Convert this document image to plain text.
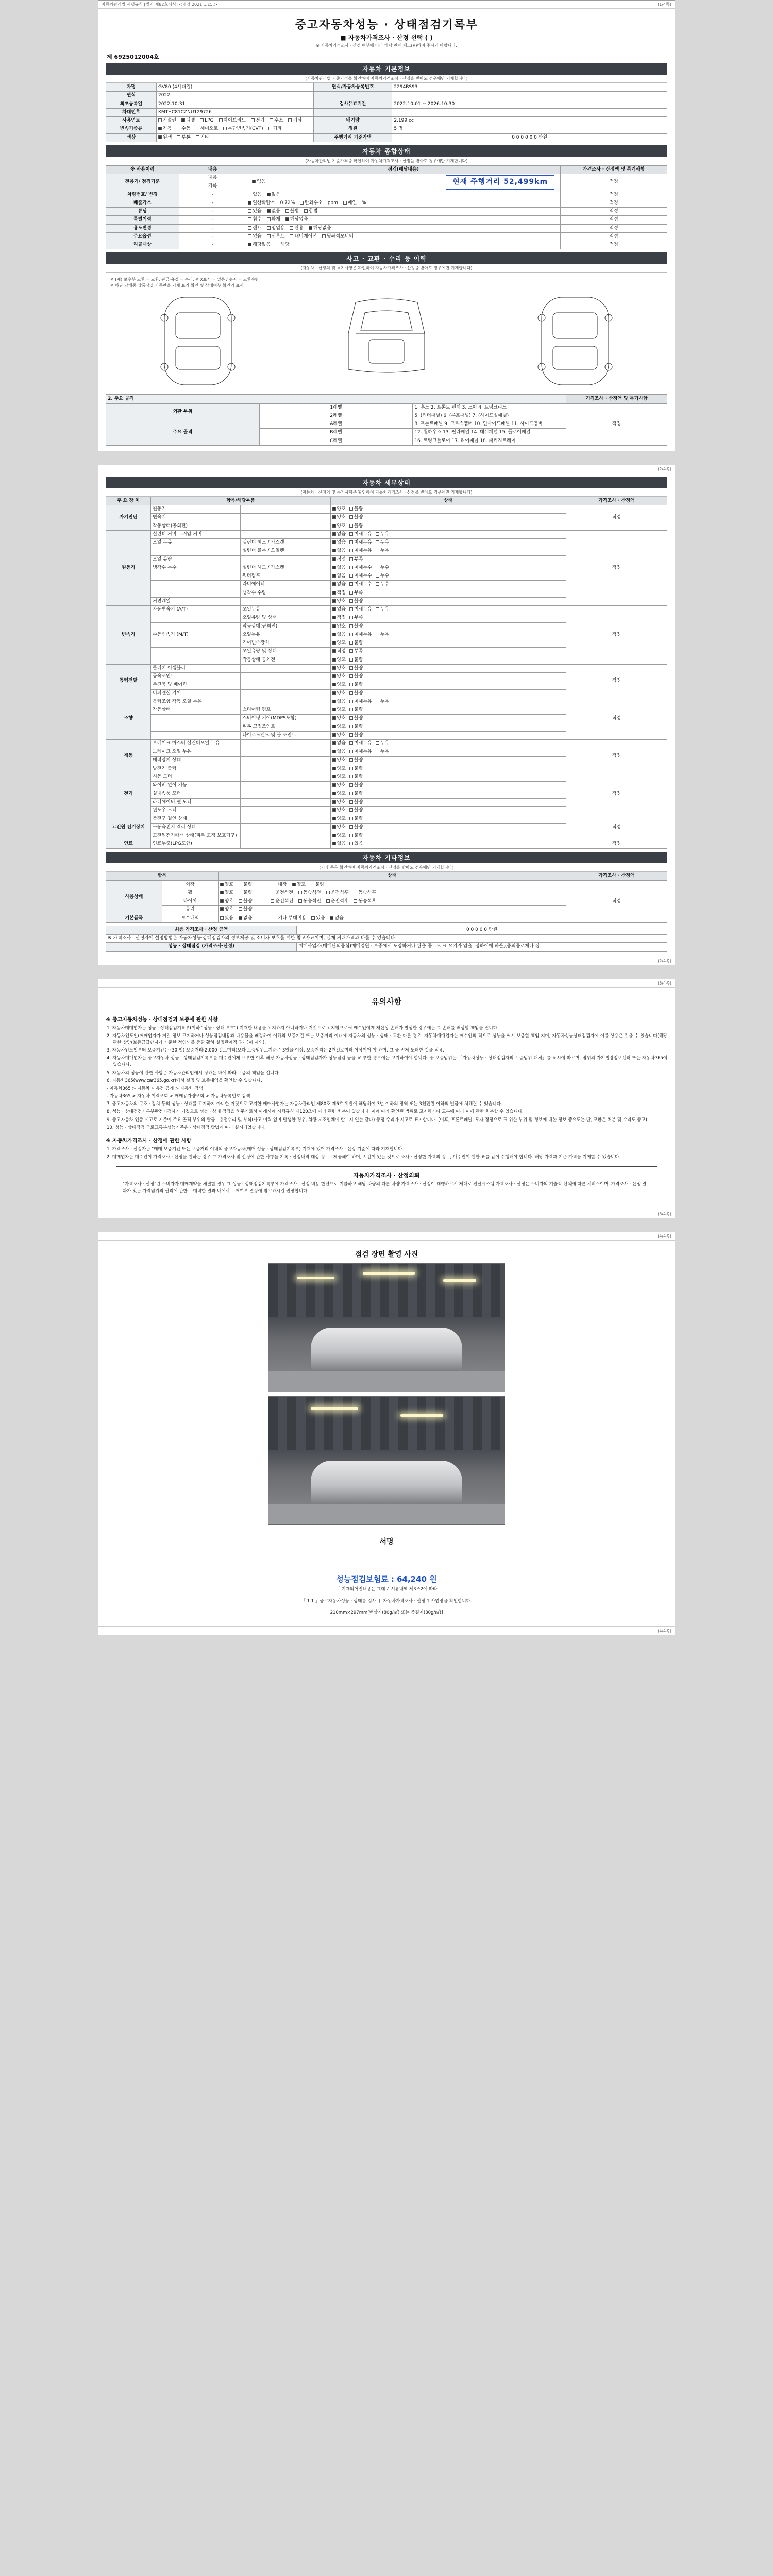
자동차관리법 시행규칙 [별지 제82호서식] <개정 2021.1.15.>	(1/4쪽)
중고자동차성능 · 상태점검기록부
■ 자동차가격조사 · 산정 선택 ( )
※ 자동차가격조사 · 산정 여부에 따라 해당 란에 체크(∨)하여 주시기 바랍니다.
제 6925012004호
자동차 기본정보
(자동차관리법 기준가격을 확인하여 자동차가격조사 · 산정을 받아도 경우에만 기재합니다)
차명	GV80 (4세대일)	연식/자동차등록번호	2294BS93
연식	2022		
최초등록일	2022-10-31	검사유효기간	2022-10-01 ~ 2026-10-30
차대번호	KMTHC81CZNU129726		
사용연료	가솔린 디젤 LPG 하이브리드 전기 수소 기타	배기량	2,199 cc
변속기종류	자동 수동 세미오토 무단변속기(CVT) 기타	정원	5 명
색상	원색 투톤 기타	주행거리 기준가액	0 0 0 0 0 0 만원
자동차 종합상태
(자동차관리법 기준가격을 확인하여 자동차가격조사 · 산정을 받아도 경우에만 기재합니다)
※ 사용이력	내용	점검(해당내용)	가격조사 · 산정액 및 특기사항
전용기/ 점검기준	내용	없음 현재 주행거리 52,499km	적정
	기록		
차량번호/ 변경	-	있음 없음	적정
배출가스	-	일산화탄소 0.72% 탄화수소 ppm 매연 %	적정
튜닝	-	있음 없음 불법 합법	적정
특별이력	-	침수 화재 해당없음	적정
용도변경	-	렌트 영업용 관용 해당없음	적정
주요옵션	-	없음 선루프 내비게이션 뒷좌석모니터	적정
리콜대상	-	해당없음 해당	적정
사고 · 교환 · 수리 등 이력
(자동차 · 산정의 및 특기사항은 확인하여 자동차가격조사 · 산정을 받아도 경우에만 기재합니다)
※ (예) 보수부 교환 = 교환, 판금·용접 = 수리, ※ X표시 = 없음 / 숫자 = 교환수량
※ 하단 당해중 상품작업 기준란을 기재 표기 확인 및 상태여부 확인의 표시
2. 주요 골격			가격조사 · 산정액 및 특기사항
외판 부위	1레벨	1. 후드 2. 프론트 펜더 3. 도어 4. 트렁크리드	적정
	2레벨	5. (쿼터패널) 6. (루프패널) 7. (사이드실패널)	
주요 골격	A레벨	8. 프론트패널 9. 크로스멤버 10. 인사이드패널 11. 사이드멤버	
	B레벨	12. 휠하우스 13. 필라패널 14. 대쉬패널 15. 플로어패널	
	C레벨	16. 트렁크플로어 17. 리어패널 18. 패키지트레이	
(2/4쪽)
자동차 세부상태
(자동차 · 산정의 및 특기사항은 확인하여 자동차가격조사 · 산정을 받아도 경우에만 기재합니다)
주 요 장 치	항목/해당부품		상태	가격조사 · 산정액
자기진단	원동기		양호 불량	적정
	변속기		양호 불량	
	작동상태(공회전)		양호 불량	
원동기	실린더 커버 로커암 커버		없음 미세누유 누유	적정
	오일 누유	실린더 헤드 / 가스켓	없음 미세누유 누유	
		실린더 블록 / 오일팬	없음 미세누유 누유	
	오일 유량		적정 부족	
	냉각수 누수	실린더 헤드 / 가스켓	없음 미세누수 누수	
		워터펌프	없음 미세누수 누수	
		라디에이터	없음 미세누수 누수	
		냉각수 수량	적정 부족	
	커먼레일		양호 불량	
변속기	자동변속기 (A/T)	오일누유	없음 미세누유 누유	적정
		오일유량 및 상태	적정 부족	
		작동상태(공회전)	양호 불량	
	수동변속기 (M/T)	오일누유	없음 미세누유 누유	
		기어변속장치	양호 불량	
		오일유량 및 상태	적정 부족	
		작동상태 공회전	양호 불량	
동력전달	클러치 어셈블리		양호 불량	적정
	등속조인트		양호 불량	
	추진축 및 베어링		양호 불량	
	디퍼렌셜 기어		양호 불량	
조향	동력조향 작동 오일 누유		없음 미세누유 누유	적정
	작동상태	스티어링 펌프	양호 불량	
		스티어링 기어(MDPS포함)	양호 불량	
		피톤 고정조인트	양호 불량	
		타이로드엔드 및 볼 조인트	양호 불량	
제동	브레이크 마스터 실린더오일 누유		없음 미세누유 누유	적정
	브레이크 오일 누유		없음 미세누유 누유	
	배력장치 상태		양호 불량	
	발전기 출력		양호 불량	
전기	시동 모터		양호 불량	적정
	와이퍼 없이 기능		양호 불량	
	실내송풍 모터		양호 불량	
	라디에이터 팬 모터		양호 불량	
	윈도우 모터		양호 불량	
고전원 전기장치	충전구 절연 상태		양호 불량	적정
	구동축전지 격리 상태		양호 불량	
	고전원전기배선 상태(피복,고정 보호기구)		양호 불량	
연료	연료누출(LPG포함)		없음 있음	적정
자동차 기타정보
(기 항목은 확인하여 자동차가격조사 · 산정을 받아도 경우에만 기재합니다)
항목		상태	가격조사 · 산정액
사용상태	외장	양호 불량 내장 양호 불량	적정
	휠	양호 불량 운전석전 동승석전 운전석후 동승석후	
	타이어	양호 불량 운전석전 동승석전 운전석후 동승석후	
	유리	양호 불량	
기본품목	보수내역	있음 없음 기타 부대비용 있음 없음	
최종 가격조사 · 산정 금액	0 0 0 0 0 만원
※ 가격조사 · 산정자에 설명방법은 자동차성능·상태점검자의 정보제공 및 소비자 보호를 위한 참고자료이며, 실제 거래가격과 다를 수 있습니다.	
성능 · 상태점검 (가격조사·산정)	매매사업자(매매단의중심)매매업원 · 보증에서 도장하거나 판을 중로모 표 요기자 암울, 정하이에 파울,(중의중로제다 장
(2/4쪽)
(3/4쪽)
유의사항
※ 중고자동차성능 · 상태점검과 보증에 관한 사항
1. 자동차매매업자는 성능 · 상태점검기록부(이하 "성능 · 상태 부호") 기재한 내용을 고지하지 아니하거나 거짓으로 고지할으로써 매수인에게 재산상 손해가 발생한 경우에는 그 손해를 배상할 책임을 집니다.
2. 자동차인도일(매매업자가 거짓 정보 고지하거나 성능점검내용과 내용물을 배정하여 이해의 보증기간 또는 보증거리 이내에 자동차의 성능 · 상태 · 교환 다른 경우, 자동차매매업자는 매수인의 적으로 성능을 써서 보증할 책임 지며, 자동차성능상태점검자에 이를 상응은 것을 수 있습니다(해당 관한 상담(보증금급단지가 기준한 적임되를 중환 활하 설명관계적 권리)이 제외).
3. 자동차인도일부터 보증기간은 (30 일) 보증거리(2,000 킬로미터)보다 보증범위로기준은 3일을 이상, 보증거리는 2천킬로미터 이상이어 야 하며, 그 중 먼저 도래한 것을 적용.
4. 자동차매매업자는 중고자동차 성능 · 상태점검기록부를 매수인에게 교부한 이후 해당 자동차성능 · 상태점검자가 성능점검 등을 교 부한 경우에는 고지하여야 합니다. 중 보증범위는 「자동차성능 · 상태점검자의 보증범위 대체」를 교시에 따르며, 범위의 자기법령정보센터 또는 자동차365에 있습니다.
5. 자동차의 성능에 관한 사항은 자동차관리법에서 정하는 바에 따라 보증의 책임을 집니다.
6. 자동차365(www.car365.go.kr)에서 실명 및 보증내역을 확인할 수 있습니다.
- 자동차365 > 자동차 내용검 공개 > 자동차 검색
- 자동차365 > 자동차 이력조회 > 매매용자량조회 > 자동차등록번호 검색
7. 중고자동차의 구조 · 장치 등의 성능 · 상태를 고지하지 아니한 거짓으로 고지한 매매사업자는 자동차관리법 제80조 제6호 위반에 해당하여 3년 이하의 징역 또는 3천만원 이하의 벌금에 처해질 수 있습니다.
8. 성능 · 상태점검기록부란정기검사기 거짓으로 성능 · 상태 검정을 해주기로서 아래시에 시행규칙 제120조에 따라 관련 처분이 있습니다. 이에 따라 확인된 범위로 고지하거나 교부에 따라 이에 관한 처분할 수 있습니다.
9. 중고자동차 인증 시고로 기준이 주요 골격 부위의 판금 · 용접수리 및 부식(사고 이력 없이 발생한 경우, 차량 제조업체에 반드시 없는 같다) 중정 수리가 시고로 표기합니다. (이후, 프론트패널, 모자 정정으로 표 위한 부위 및 정보에 대한 정보 중요도는 단, 교환은 처분 및 수리도 중고).
10. 성능 · 상태점검 국토교통부성능기준은 · 상태점검 방법에 따라 실시되었습니다.
※ 자동차가격조사 · 산정에 관한 사항
1. 가격조사 · 산정자는 "매매 보증기간 또는 보증거리 이내의 중고자동차(매매 성능 · 상태점검기록부) 기재에 있어 가격조사 · 산정 기준에 따라 기재합니다.
2. 매매업자는 매수인이 가격조사 · 산정을 원하는 경우 그 가격조사 및 산정에 관한 사항을 기록 · 산정내역 대상 정보 · 제공해야 하며, 시간이 있는 것으로 조사 · 산정한 가격의 정보, 매수인이 원한 표를 같이 수행해야 합니다. 해당 가격과 기준 가격을 기재할 수 있습니다.
자동차가격조사 · 산정의뢰
"가격조사 · 산정"란 소비자가 매매계약을 체결할 경우 그 성능 · 상태점검기록부에 가격조사 · 산정 비용 한편으로 지불하고 해당 차량의 다른 차량 가격조사 · 산정이 대행하고서 제대로 전달시스템 가격조사 · 산정은 소비자의 기술적 선택에 따른 서비스이며, 가격조사 · 산정 결과가 있는 가격범위의 권리에 관한 구매력한 결과 내에서 구매여부 결정에 참고하시길 권장합니다.
(3/4쪽)
(4/4쪽)
점검 장면 촬영 사진
서명
성능점검보험료 : 64,240 원
「 기재되어진내용은 그대로 서류내역 제3조2에 따라
「 1 1 」중고자동차성능 · 상태를 검사 ㅣ 자동차가격조사 · 산정 1 사업장을 확인합니다.
210mm×297mm[백상지(80g/㎡) 또는 중질지(80g/㎡)]
(4/4쪽)
